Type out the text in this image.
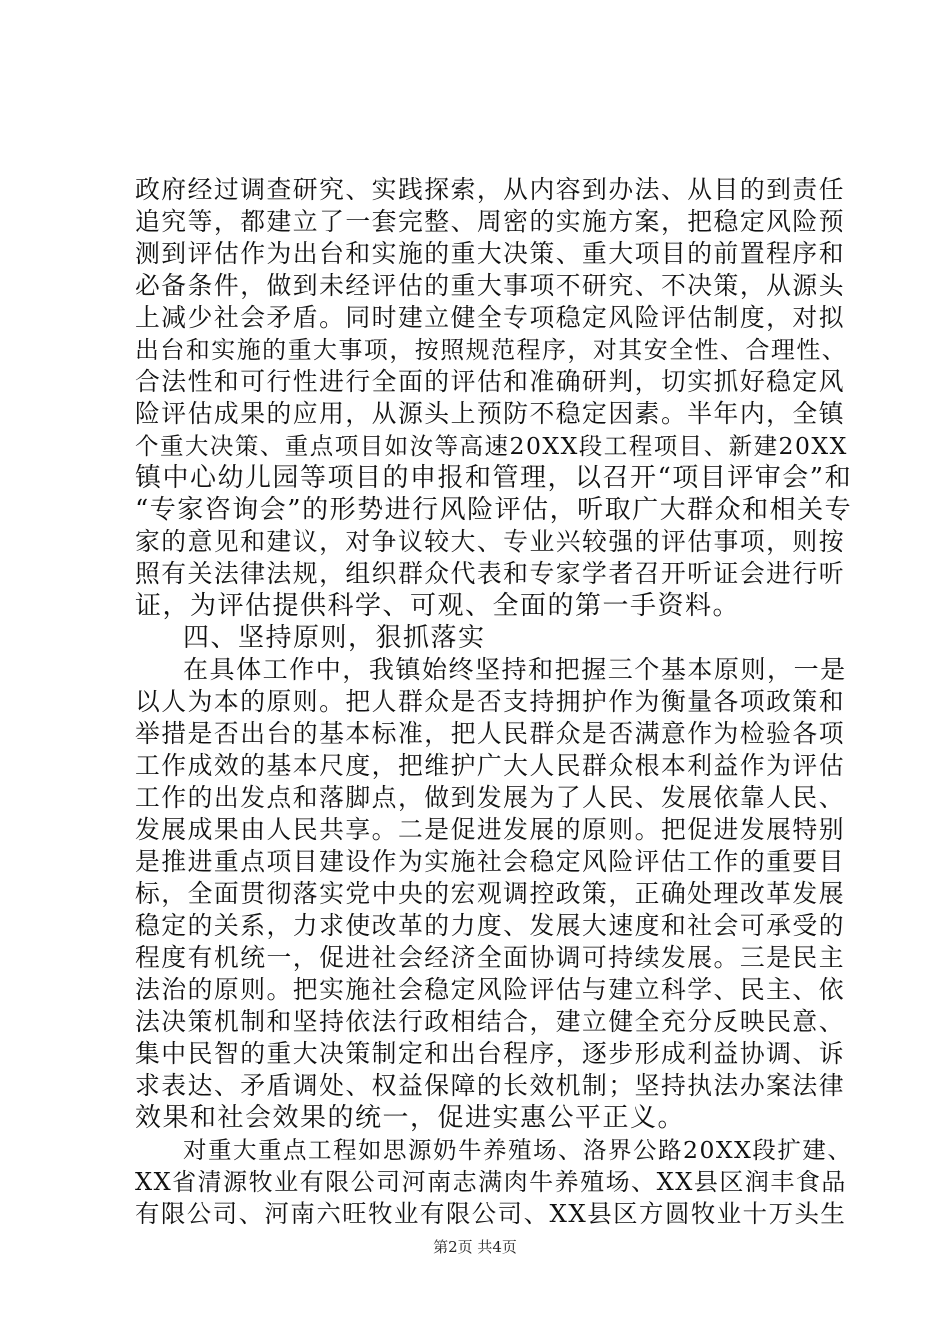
政府经过调查研究、实践探索，从内容到办法、从目的到责任
追究等，都建立了一套完整、周密的实施方案，把稳定风险预
测到评估作为出台和实施的重大决策、重大项目的前置程序和
必备条件，做到未经评估的重大事项不研究、不决策，从源头
上减少社会矛盾。同时建立健全专项稳定风险评估制度，对拟
出台和实施的重大事项，按照规范程序，对其安全性、合理性、
合法性和可行性进行全面的评估和准确研判，切实抓好稳定风
险评估成果的应用，从源头上预防不稳定因素。半年内，全镇
个重大决策、重点项目如汝等高速20XX段工程项目、新建20XX
镇中心幼儿园等项目的申报和管理，以召开“项目评审会”和
“专家咨询会”的形势进行风险评估，听取广大群众和相关专
家的意见和建议，对争议较大、专业兴较强的评估事项，则按
照有关法律法规，组织群众代表和专家学者召开听证会进行听
证，为评估提供科学、可观、全面的第一手资料。
四、坚持原则，狠抓落实
在具体工作中，我镇始终坚持和把握三个基本原则，一是
以人为本的原则。把人群众是否支持拥护作为衡量各项政策和
举措是否出台的基本标准，把人民群众是否满意作为检验各项
工作成效的基本尺度，把维护广大人民群众根本利益作为评估
工作的出发点和落脚点，做到发展为了人民、发展依靠人民、
发展成果由人民共享。二是促进发展的原则。把促进发展特别
是推进重点项目建设作为实施社会稳定风险评估工作的重要目
标，全面贯彻落实党中央的宏观调控政策，正确处理改革发展
稳定的关系，力求使改革的力度、发展大速度和社会可承受的
程度有机统一，促进社会经济全面协调可持续发展。三是民主
法治的原则。把实施社会稳定风险评估与建立科学、民主、依
法决策机制和坚持依法行政相结合，建立健全充分反映民意、
集中民智的重大决策制定和出台程序，逐步形成利益协调、诉
求表达、矛盾调处、权益保障的长效机制；坚持执法办案法律
效果和社会效果的统一，促进实惠公平正义。
对重大重点工程如思源奶牛养殖场、洛界公路20XX段扩建、
XX省清源牧业有限公司河南志满肉牛养殖场、XX县区润丰食品
有限公司、河南六旺牧业有限公司、XX县区方圆牧业十万头生
第2页 共4页
